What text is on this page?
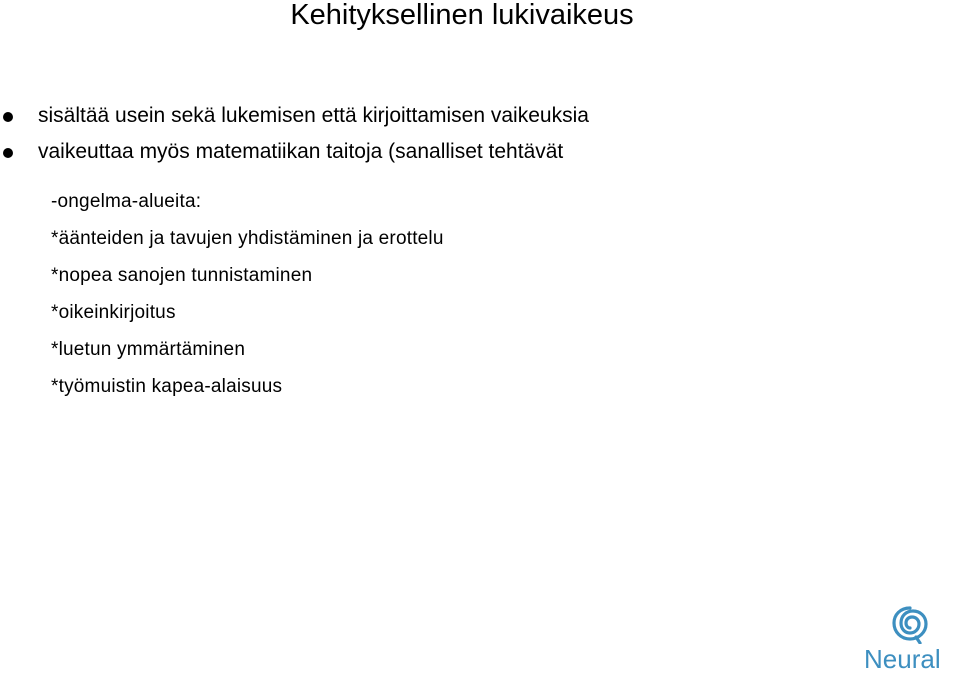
Kehityksellinen lukivaikeus
sisältää usein sekä lukemisen että kirjoittamisen vaikeuksia
vaikeuttaa myös matematiikan taitoja (sanalliset tehtävät
-ongelma-alueita:
*äänteiden ja tavujen yhdistäminen ja erottelu
*nopea sanojen tunnistaminen
*oikeinkirjoitus
*luetun ymmärtäminen
*työmuistin kapea-alaisuus
Neural
